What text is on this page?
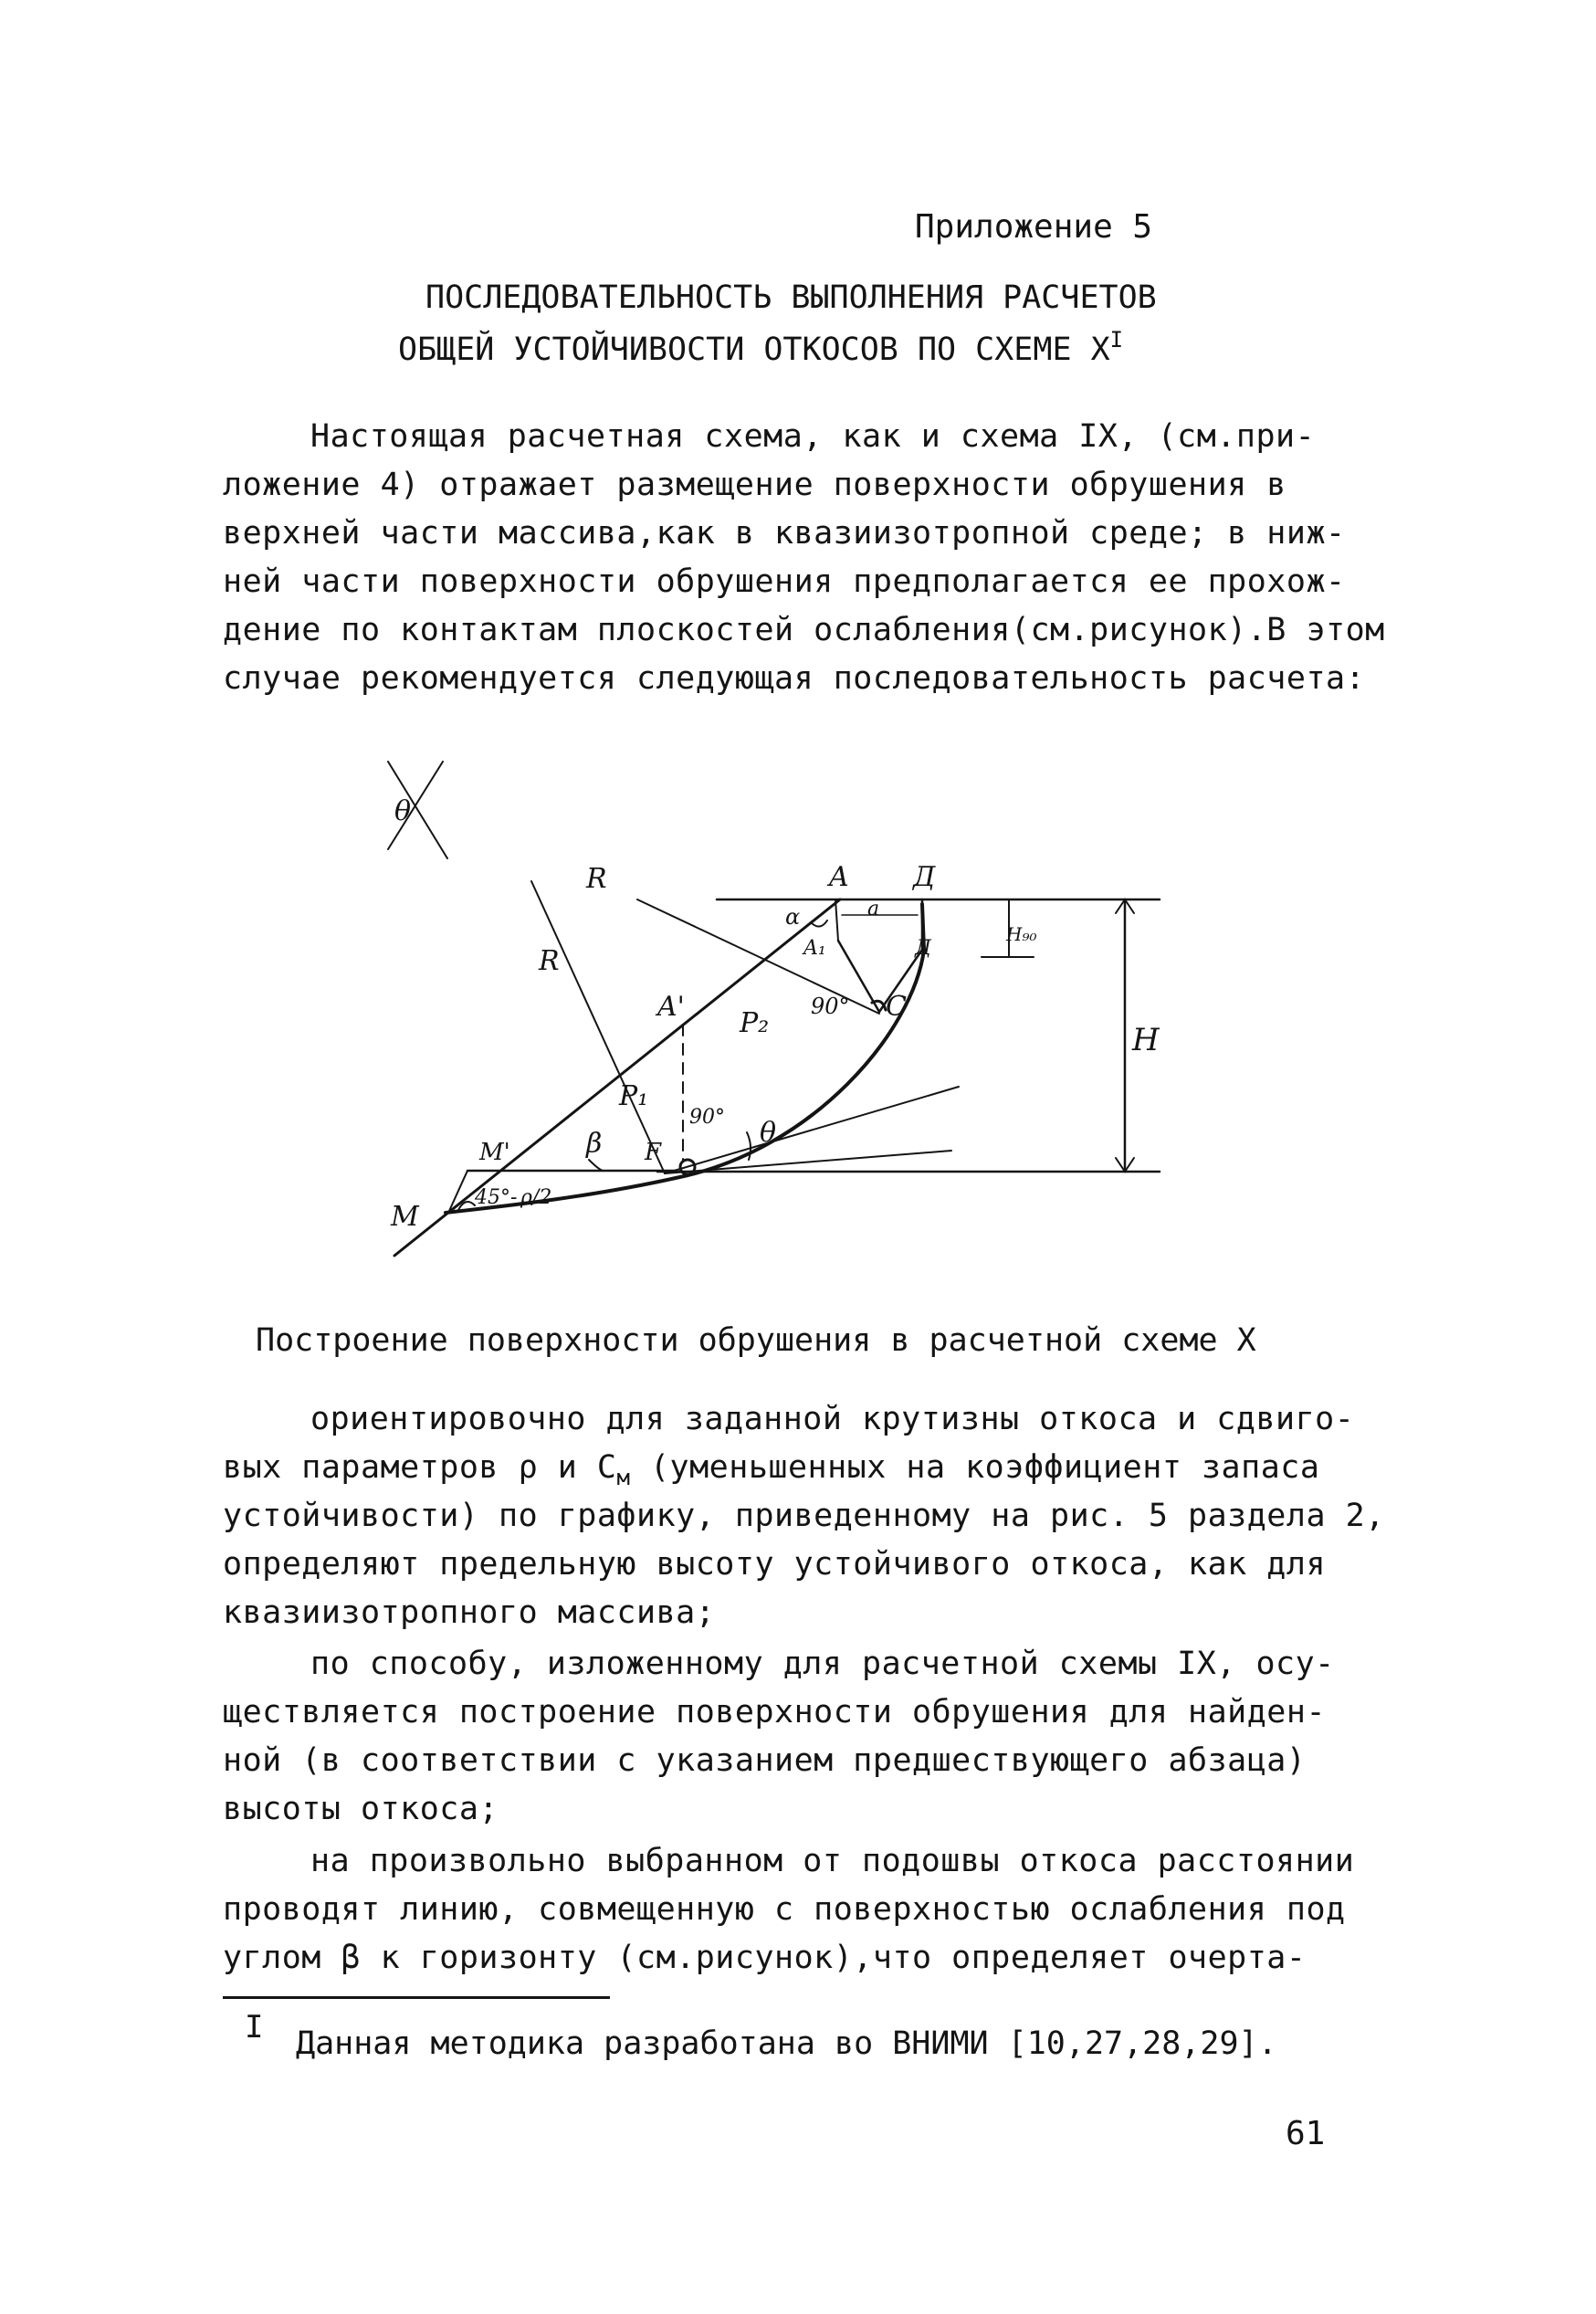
Приложение 5
ПОСЛЕДОВАТЕЛЬНОСТЬ ВЫПОЛНЕНИЯ РАСЧЕТОВ
ОБЩЕЙ УСТОЙЧИВОСТИ ОТКОСОВ ПО СХЕМЕ $X^I$
Настоящая расчетная схема, как и схема IX, (см.при-
ложение 4) отражает размещение поверхности обрушения в
верхней части массива,как в квазиизотропной среде; в ниж-
ней части поверхности обрушения предполагается ее прохож-
дение по контактам плоскостей ослабления(см.рисунок).В этом
случае рекомендуется следующая последовательность расчета:
θ
R
R
A Д
α	a
A₁	Д
H₉₀
A'
P₂
90° C
H
P₁
90°
β F
θ
M'
45°- ρ/2
M
Построение поверхности обрушения в расчетной схеме X
ориентировочно для заданной крутизны откоса и сдвиго-
вых параметров ρ и $C_м$ (уменьшенных на коэффициент запаса
устойчивости) по графику, приведенному на рис. 5 раздела 2,
определяют предельную высоту устойчивого откоса, как для
квазиизотропного массива;
по способу, изложенному для расчетной схемы IX, осу-
ществляется построение поверхности обрушения для найден-
ной (в соответствии с указанием предшествующего абзаца)
высоты откоса;
на произвольно выбранном от подошвы откоса расстоянии
проводят линию, совмещенную с поверхностью ослабления под
углом β к горизонту (см.рисунок),что определяет очерта-
I Данная методика разработана во ВНИМИ [10,27,28,29].
61
